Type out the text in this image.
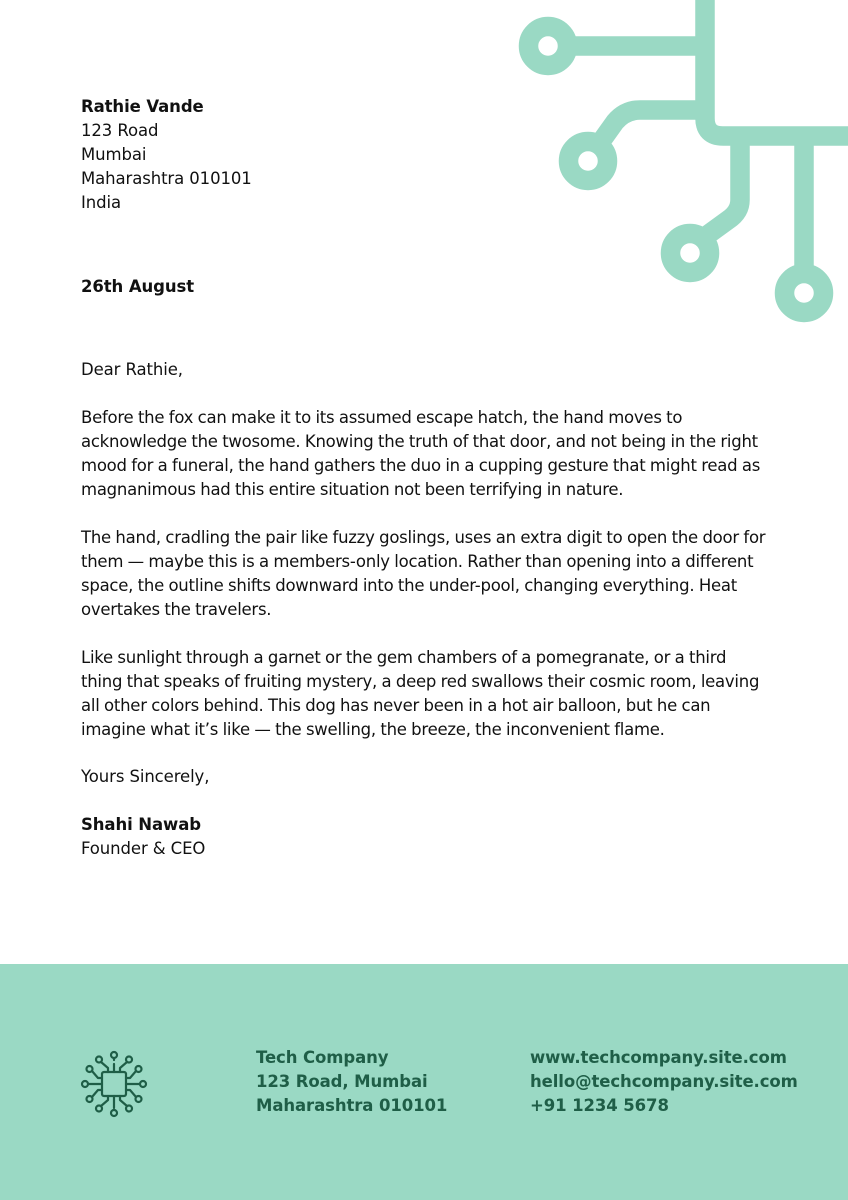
Rathie Vande

123 Road

Mumbai

Maharashtra 010101

India

26th August

Dear Rathie,

Before the fox can make it to its assumed escape hatch, the hand moves to acknowledge the twosome. Knowing the truth of that door, and not being in the right mood for a funeral, the hand gathers the duo in a cupping gesture that might read as magnanimous had this entire situation not been terrifying in nature.

The hand, cradling the pair like fuzzy goslings, uses an extra digit to open the door for them — maybe this is a members-only location. Rather than opening into a different space, the outline shifts downward into the under-pool, changing everything. Heat overtakes the travelers.

Like sunlight through a garnet or the gem chambers of a pomegranate, or a third thing that speaks of fruiting mystery, a deep red swallows their cosmic room, leaving all other colors behind. This dog has never been in a hot air balloon, but he can imagine what it’s like — the swelling, the breeze, the inconvenient flame.

Yours Sincerely,

Shahi Nawab

Founder & CEO

Tech Company

123 Road, Mumbai

Maharashtra 010101

www.techcompany.site.com

hello@techcompany.site.com

+91 1234 5678
